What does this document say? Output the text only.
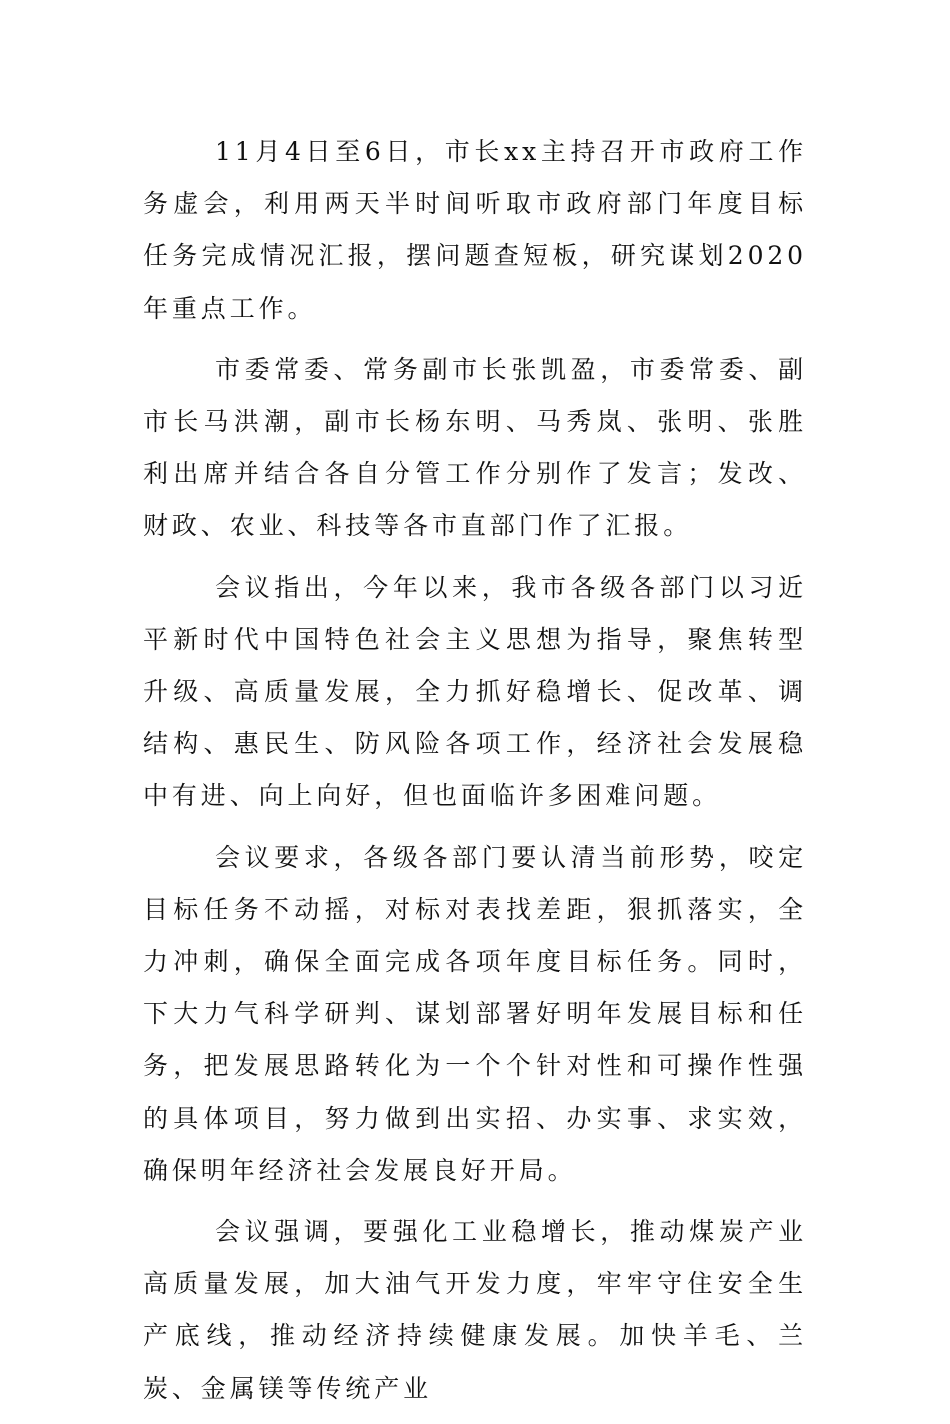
11月4日至6日，市长xx主持召开市政府工作务虚会，利用两天半时间听取市政府部门年度目标任务完成情况汇报，摆问题查短板，研究谋划2020年重点工作。

市委常委、常务副市长张凯盈，市委常委、副市长马洪潮，副市长杨东明、马秀岚、张明、张胜利出席并结合各自分管工作分别作了发言；发改、财政、农业、科技等各市直部门作了汇报。

会议指出，今年以来，我市各级各部门以习近平新时代中国特色社会主义思想为指导，聚焦转型升级、高质量发展，全力抓好稳增长、促改革、调结构、惠民生、防风险各项工作，经济社会发展稳中有进、向上向好，但也面临许多困难问题。

会议要求，各级各部门要认清当前形势，咬定目标任务不动摇，对标对表找差距，狠抓落实，全力冲刺，确保全面完成各项年度目标任务。同时，下大力气科学研判、谋划部署好明年发展目标和任务，把发展思路转化为一个个针对性和可操作性强的具体项目，努力做到出实招、办实事、求实效，确保明年经济社会发展良好开局。

会议强调，要强化工业稳增长，推动煤炭产业高质量发展，加大油气开发力度，牢牢守住安全生产底线，推动经济持续健康发展。加快羊毛、兰炭、金属镁等传统产业
